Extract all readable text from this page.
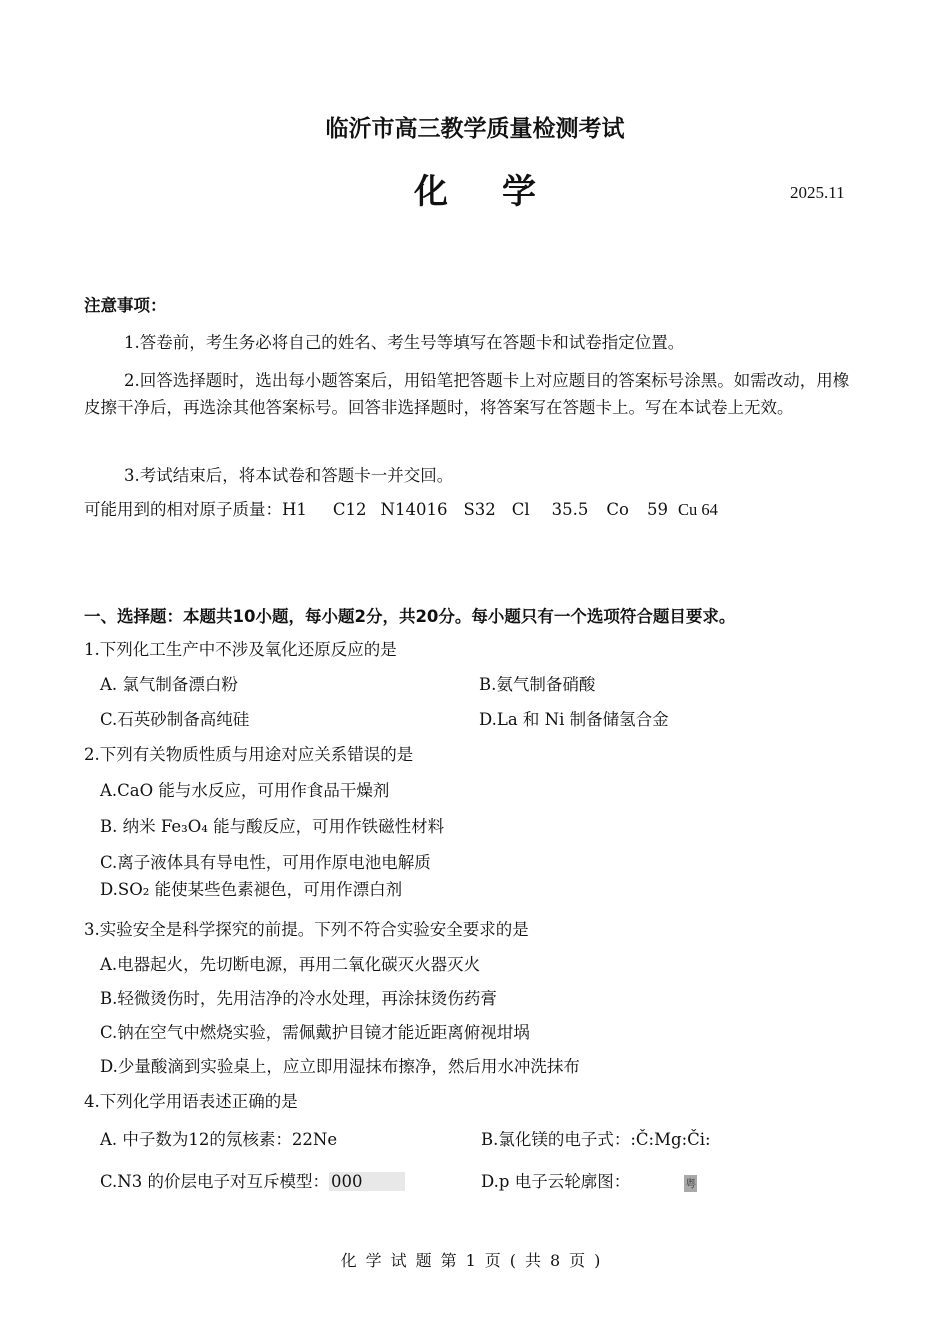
临沂市高三教学质量检测考试
化学	2025.11
注意事项：
1.答卷前，考生务必将自己的姓名、考生号等填写在答题卡和试卷指定位置。
2.回答选择题时，选出每小题答案后，用铅笔把答题卡上对应题目的答案标号涂黑。如需改动，用橡皮擦干净后，再选涂其他答案标号。回答非选择题时，将答案写在答题卡上。写在本试卷上无效。
3.考试结束后，将本试卷和答题卡一并交回。
可能用到的相对原子质量：H1 C12 N14016 S32 Cl 35.5 Co 59 Cu 64
一、选择题：本题共10小题，每小题2分，共20分。每小题只有一个选项符合题目要求。
1.下列化工生产中不涉及氧化还原反应的是
A. 氯气制备漂白粉	B.氨气制备硝酸
C.石英砂制备高纯硅	D.La 和 Ni 制备储氢合金
2.下列有关物质性质与用途对应关系错误的是
A.CaO 能与水反应，可用作食品干燥剂
B. 纳米 Fe₃O₄ 能与酸反应，可用作铁磁性材料
C.离子液体具有导电性，可用作原电池电解质
D.SO₂ 能使某些色素褪色，可用作漂白剂
3.实验安全是科学探究的前提。下列不符合实验安全要求的是
A.电器起火，先切断电源，再用二氧化碳灭火器灭火
B.轻微烫伤时，先用洁净的冷水处理，再涂抹烫伤药膏
C.钠在空气中燃烧实验，需佩戴护目镜才能近距离俯视坩埚
D.少量酸滴到实验桌上，应立即用湿抹布擦净，然后用水冲洗抹布
4.下列化学用语表述正确的是
A. 中子数为12的氖核素：22Ne	B.氯化镁的电子式：:Č:Mg:Či:
C.N3 的价层电子对互斥模型： 000	D.p 电子云轮廓图：	粤
化学试题第1页(共8页)
